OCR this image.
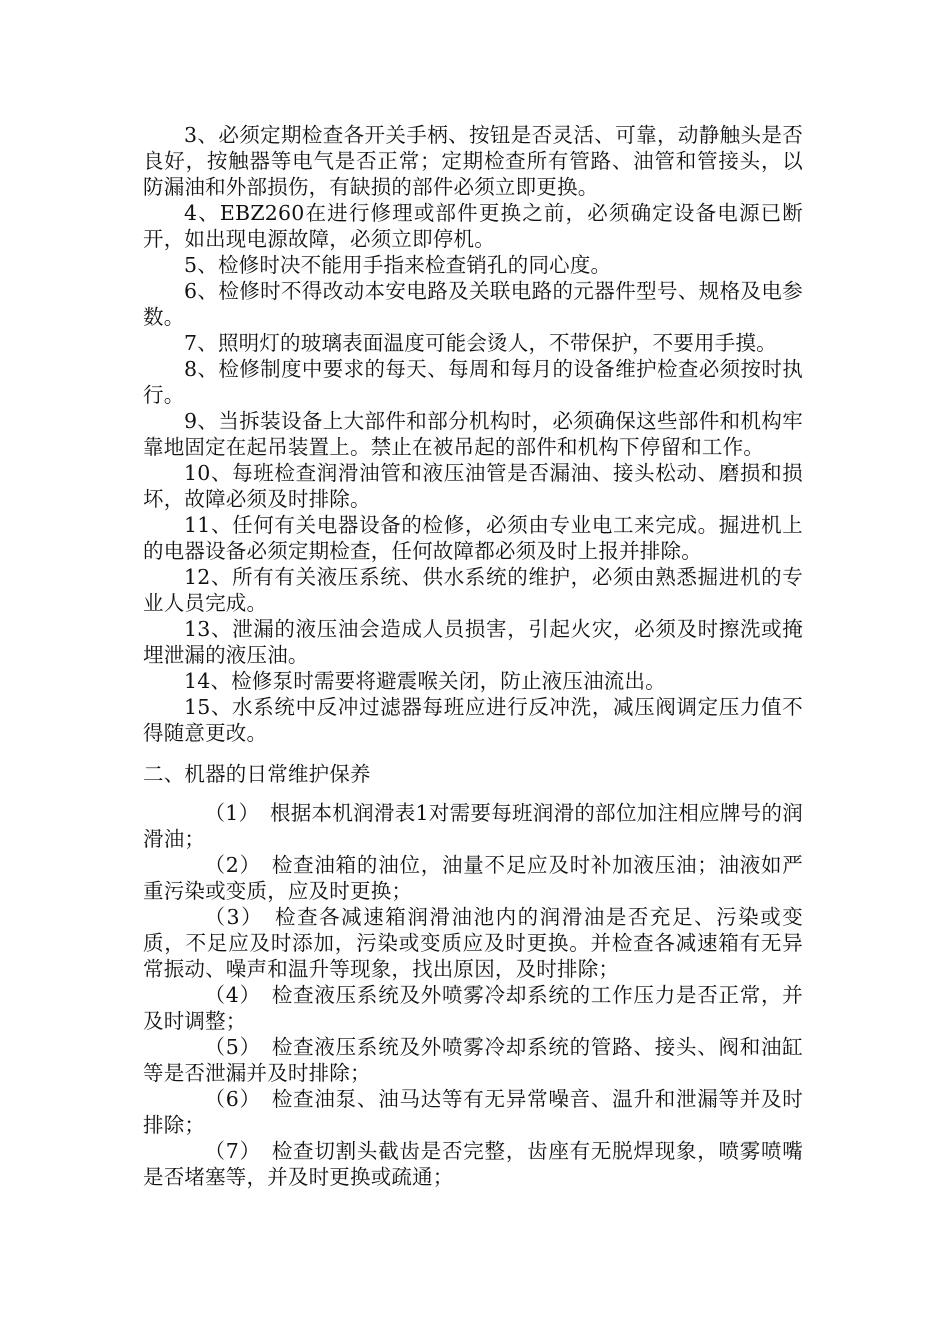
3、必须定期检查各开关手柄、按钮是否灵活、可靠，动静触头是否良好，按触器等电气是否正常；定期检查所有管路、油管和管接头，以防漏油和外部损伤，有缺损的部件必须立即更换。

4、EBZ260在进行修理或部件更换之前，必须确定设备电源已断开，如出现电源故障，必须立即停机。

5、检修时决不能用手指来检查销孔的同心度。

6、检修时不得改动本安电路及关联电路的元器件型号、规格及电参数。

7、照明灯的玻璃表面温度可能会烫人，不带保护，不要用手摸。

8、检修制度中要求的每天、每周和每月的设备维护检查必须按时执行。

9、当拆装设备上大部件和部分机构时，必须确保这些部件和机构牢靠地固定在起吊装置上。禁止在被吊起的部件和机构下停留和工作。

10、每班检查润滑油管和液压油管是否漏油、接头松动、磨损和损坏，故障必须及时排除。

11、任何有关电器设备的检修，必须由专业电工来完成。掘进机上的电器设备必须定期检查，任何故障都必须及时上报并排除。

12、所有有关液压系统、供水系统的维护，必须由熟悉掘进机的专业人员完成。

13、泄漏的液压油会造成人员损害，引起火灾，必须及时擦洗或掩埋泄漏的液压油。

14、检修泵时需要将避震喉关闭，防止液压油流出。

15、水系统中反冲过滤器每班应进行反冲洗，减压阀调定压力值不得随意更改。

二、机器的日常维护保养

（1）　根据本机润滑表1对需要每班润滑的部位加注相应牌号的润滑油；

（2）　检查油箱的油位，油量不足应及时补加液压油；油液如严重污染或变质，应及时更换；

（3）　检查各减速箱润滑油池内的润滑油是否充足、污染或变质，不足应及时添加，污染或变质应及时更换。并检查各减速箱有无异常振动、噪声和温升等现象，找出原因，及时排除；

（4）　检查液压系统及外喷雾冷却系统的工作压力是否正常，并及时调整；

（5）　检查液压系统及外喷雾冷却系统的管路、接头、阀和油缸等是否泄漏并及时排除；

（6）　检查油泵、油马达等有无异常噪音、温升和泄漏等并及时排除；

（7）　检查切割头截齿是否完整，齿座有无脱焊现象，喷雾喷嘴是否堵塞等，并及时更换或疏通；
